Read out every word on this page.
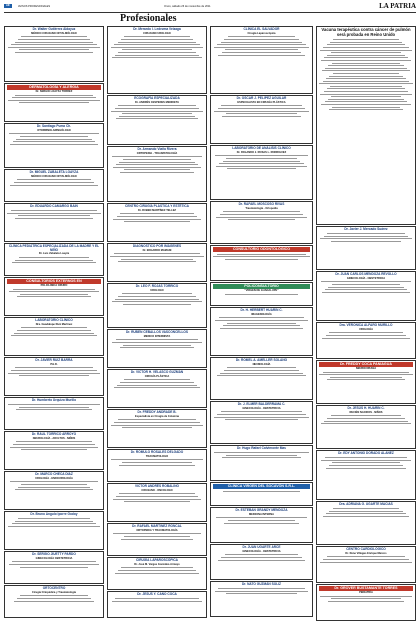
16	AVISOS PROFESIONALES	Oruro, sábado 26 de noviembre de 2011	LA PATRIA
Profesionales
Dr. Walter Gutiérrez Aldayuz
MÉDICO CIRUJANO OFTALMÓLOGO
DERMATOLOGÍA Y ALERGIA
Dr. SERGIO LOAYZA TORREZ
Dr. Santiago Puma Ch.
OTORRINOLARINGÓLOGO
Dr. MIGUEL ZABALETA LOAYZA
MÉDICO CIRUJANO OFTALMÓLOGO
Dr. EDUARDO CAMARGO BAIN
CLÍNICA PEDIÁTRICA ESPECIALIZADA DE LA MADRE Y EL NIÑO
Dr. Luis Zabaleta Loayza
CONSULTORIOS EXTERNOS EN
POLICLÍNICA ORURO
LABORATORIO CLÍNICO
Dra. Guadalupe Ruiz Martinez
Dr. JAVIER RUIZ BARRA
P.E.D.
Dr. Humberto Urquizo Murillo
Dr. RAUL TORRICO ARROYO
NEUROLOGÍA - ADULTOS - NIÑOS
Dr. MARCO CHECA DIAZ
UROLOGÍA - ENDOUROLOGÍA
Dr. Bruno Angulo Iporre Godoy
Dr. SERGIO JIUETTY PARDO
GINECOLOGÍA OBSTETRICIA
ORTOCENTRO
Cirugía Ortopédica y Traumatología
Dr. Merardo I. Ledezma Veizaga
CIRUJANO UROLOGO
ECOGRAFÍA ESPECIALIZADA
Dr. ANDRÉS CESPEDES MENDIETA
Dr. Armando Viaña Rivera
ORTOPEDIA - TRAUMATOLOGÍA
CENTRO CIRUGÍA PLÁSTICA Y ESTÉTICA
Dr. RUBEN MARTÍNEZ TELLEZ
DIAGNOSTICO POR IMÁGENES
Dr. EDGARDO MAMANI
Dr. LEO F. ROJAS TORRICO
UROLOGO
Dr. RUBEN CEBALLOS VASCONCELLOS
MEDICO INTERNISTA
Dr. VICTOR H. VELASCO GUZMÁN
CIRUGÍA PLÁSTICA
Dr. FREDDY ANDRADE B.
Especialista en Cirugía de Columna
Dr. ROMULO ROSALES DELGADO
TRAUMATOLOGO
VICTOR ANDRÉS ROBALINO
CIRUJANO - ONCOLOGO
Dr. RAFAEL MARTINEZ RONCAL
ORTOPEDIA Y TRAUMATOLOGÍA
CIRUGÍA LAPAROSCÓPICA
Dr. José M. Vargas González-Armayo
Dr. JESUS Y. CANO COCA
CLÍNICA EL SALVADOR
Cirugía Laparoscópica
Dr. OSCAR J. PELIPEZ AGUILAR
ESPECIALISTA EN CIRUGÍA PLÁSTICA
LABORATORIO DE ANÁLISIS CLÍNICO
Dr. ROLANDO J. ROSAS L. RODRIGUEZ
Dr. RAFAEL MOSCOSO RIVAS
Traumatología - Ortopedia
CONSULTORIO ODONTOLÓGICO
POLICONSULTORIO
"VIRGEN DE GUADALUPE"
Dr. H. HERBERT HUARIN C.
IMAGENOLOGÍA
Dr. ROMEL A. AMELLER SOLANO
NEUMOLOGÍA
Dr. J. ELMER BALDERRAMA C.
GINECOLOGÍA - OBSTETRICIA
Dr. Hugo Rafael Calvimonte Mas
CLÍNICA VIRGEN DEL SOCAVÓN S.R.L.
Dr. ESTEBAN GRANDY MENDOZA
MEDICINA INTERNA
Dr. JUAN UGARTE ARCE
GINECOLOGÍA - OBSTETRICIA
Dr. NATO GUZMÁN SOLIZ
Vacuna terapéutica contra cáncer de pulmón será probada en Reino Unido
Dr. Javier J. Mercado Suárez
Dr. JUAN CARLOS MENDOZA REVOLLO
GINECOLOGÍA - OBSTETRICIA
Dra. VERONICA ALFARO MURILLO
UROLOGÍA
Dr. FREDDY COCA PANIAGUA
NEUROCIRUGÍA
Dr. JESÚS H. HUARIN C.
RECIÉN NACIDOS - NIÑOS
Dr. EDY ANTONIO DORADO ALANEZ
Dra. ADRIANA G. UGARTE MACIAS
CENTRO CARDIOLÓGICO
Dr. Rene Villegas Enrique Marcos
Dr. GROVER BUSTAMANTE TORRES
PEDIATRÍA
